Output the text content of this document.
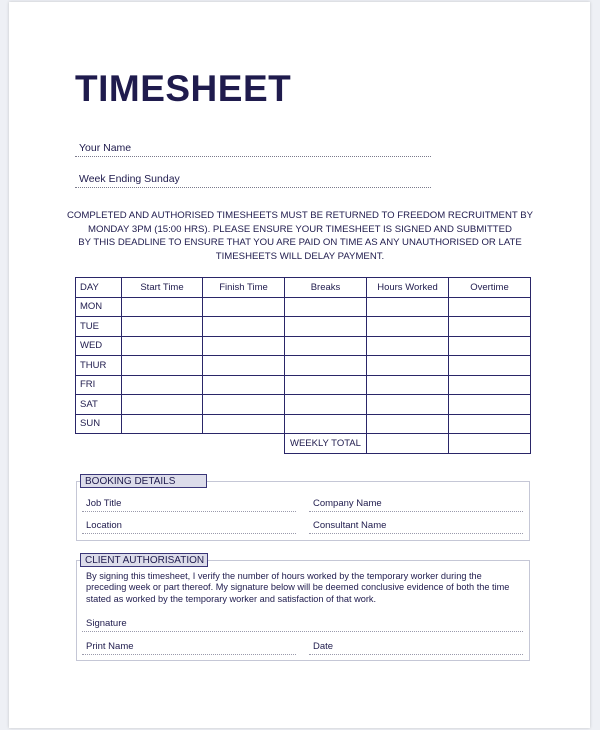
TIMESHEET
Your Name
Week Ending Sunday
COMPLETED AND AUTHORISED TIMESHEETS MUST BE RETURNED TO FREEDOM RECRUITMENT BY
MONDAY 3PM (15:00 HRS). PLEASE ENSURE YOUR TIMESHEET IS SIGNED AND SUBMITTED
BY THIS DEADLINE TO ENSURE THAT YOU ARE PAID ON TIME AS ANY UNAUTHORISED OR LATE
TIMESHEETS WILL DELAY PAYMENT.
DAY	Start Time	Finish Time	Breaks	Hours Worked	Overtime
MON					
TUE					
WED					
THUR					
FRI					
SAT					
SUN					
			WEEKLY TOTAL		
BOOKING DETAILS
Job Title	Company Name
Location	Consultant Name
CLIENT AUTHORISATION
By signing this timesheet, I verify the number of hours worked by the temporary worker during the
preceding week or part thereof. My signature below will be deemed conclusive evidence of both the time
stated as worked by the temporary worker and satisfaction of that work.
Signature
Print Name	Date
